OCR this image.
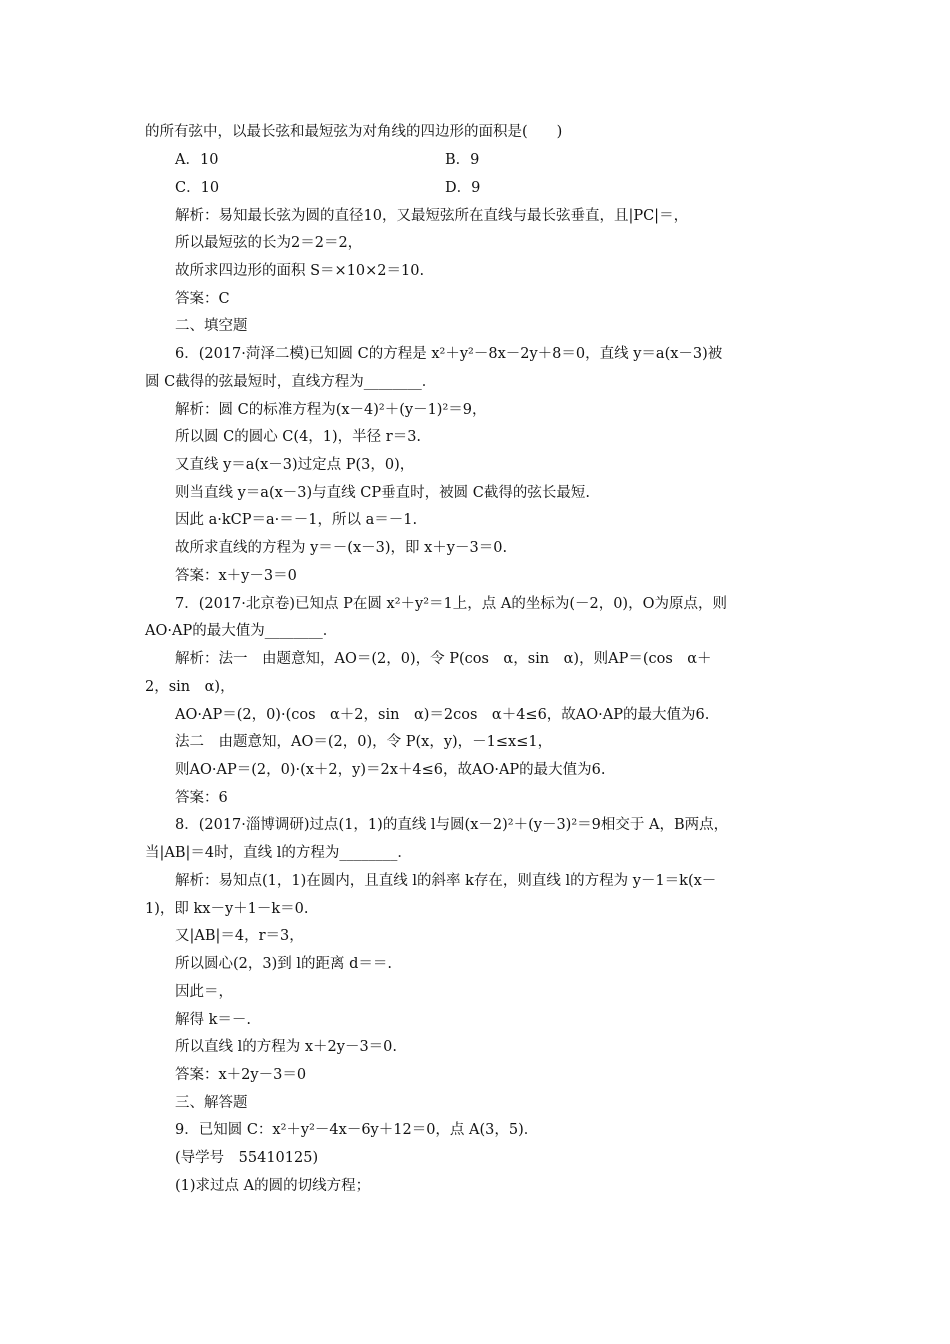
的所有弦中，以最长弦和最短弦为对角线的四边形的面积是(　　)
A．10	B．9
C．10	D．9
解析：易知最长弦为圆的直径10，又最短弦所在直线与最长弦垂直，且|PC|＝，
所以最短弦的长为2＝2＝2，
故所求四边形的面积 S＝×10×2＝10.
答案：C
二、填空题
6．(2017·菏泽二模)已知圆 C的方程是 x²＋y²－8x－2y＋8＝0，直线 y＝a(x－3)被
圆 C截得的弦最短时，直线方程为________．
解析：圆 C的标准方程为(x－4)²＋(y－1)²＝9，
所以圆 C的圆心 C(4，1)，半径 r＝3.
又直线 y＝a(x－3)过定点 P(3，0)，
则当直线 y＝a(x－3)与直线 CP垂直时，被圆 C截得的弦长最短.
因此 a·kCP＝a·＝－1，所以 a＝－1.
故所求直线的方程为 y＝－(x－3)，即 x＋y－3＝0.
答案：x＋y－3＝0
7．(2017·北京卷)已知点 P在圆 x²＋y²＝1上，点 A的坐标为(－2，0)，O为原点，则
AO·AP的最大值为________．
解析：法一　由题意知，AO＝(2，0)，令 P(cos　α，sin　α)，则AP＝(cos　α＋
2，sin　α)，
AO·AP＝(2，0)·(cos　α＋2，sin　α)＝2cos　α＋4≤6，故AO·AP的最大值为6.
法二　由题意知，AO＝(2，0)，令 P(x，y)，－1≤x≤1，
则AO·AP＝(2，0)·(x＋2，y)＝2x＋4≤6，故AO·AP的最大值为6.
答案：6
8．(2017·淄博调研)过点(1，1)的直线 l与圆(x－2)²＋(y－3)²＝9相交于 A，B两点，
当|AB|＝4时，直线 l的方程为________．
解析：易知点(1，1)在圆内，且直线 l的斜率 k存在，则直线 l的方程为 y－1＝k(x－
1)，即 kx－y＋1－k＝0.
又|AB|＝4，r＝3，
所以圆心(2，3)到 l的距离 d＝＝.
因此＝，
解得 k＝－.
所以直线 l的方程为 x＋2y－3＝0.
答案：x＋2y－3＝0
三、解答题
9．已知圆 C：x²＋y²－4x－6y＋12＝0，点 A(3，5)．
(导学号　55410125)
(1)求过点 A的圆的切线方程；
